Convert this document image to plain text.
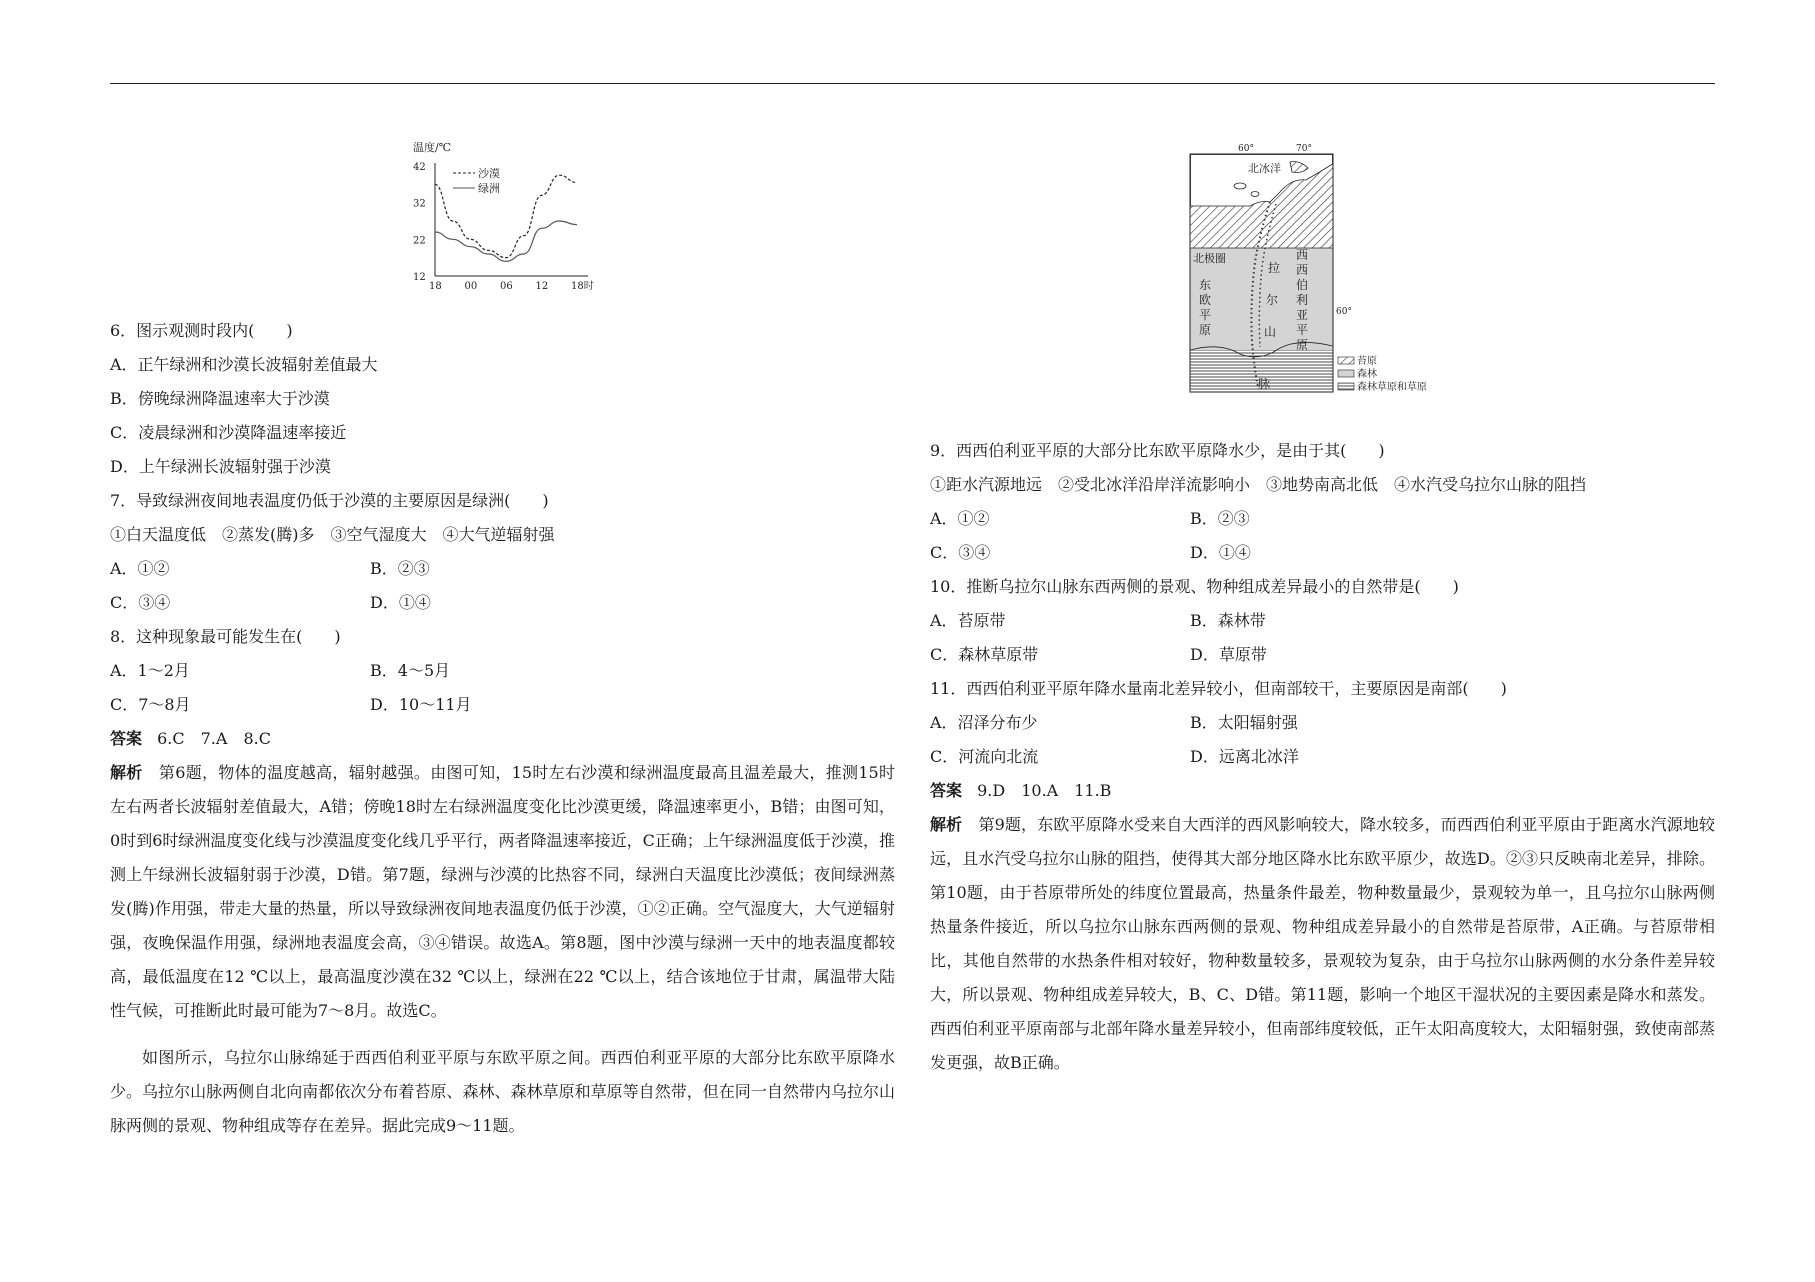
温度/℃
42
32
22
12
18 00 06 12 18时
沙漠
绿洲
60°	70°
北冰洋
北极圈
东
欧
平
原
西
西
伯
利
亚
平
原
拉
尔
山
脉
60°
苔原
森林
森林草原和草原
6．图示观测时段内(　　)
A．正午绿洲和沙漠长波辐射差值最大
B．傍晚绿洲降温速率大于沙漠
C．凌晨绿洲和沙漠降温速率接近
D．上午绿洲长波辐射强于沙漠
7．导致绿洲夜间地表温度仍低于沙漠的主要原因是绿洲(　　)
①白天温度低　②蒸发(腾)多　③空气湿度大　④大气逆辐射强
A．①②	B．②③
C．③④	D．①④
8．这种现象最可能发生在(　　)
A．1～2月	B．4～5月
C．7～8月	D．10～11月
答案 6.C　7.A　8.C
解析　 第6题，物体的温度越高，辐射越强。由图可知，15时左右沙漠和绿洲温度最高且温差最大，推测15时左右两者长波辐射差值最大，A错；傍晚18时左右绿洲温度变化比沙漠更缓，降温速率更小，B错；由图可知，0时到6时绿洲温度变化线与沙漠温度变化线几乎平行，两者降温速率接近，C正确；上午绿洲温度低于沙漠，推测上午绿洲长波辐射弱于沙漠，D错。第7题，绿洲与沙漠的比热容不同，绿洲白天温度比沙漠低；夜间绿洲蒸发(腾)作用强，带走大量的热量，所以导致绿洲夜间地表温度仍低于沙漠，①②正确。空气湿度大，大气逆辐射强，夜晚保温作用强，绿洲地表温度会高，③④错误。故选A。第8题，图中沙漠与绿洲一天中的地表温度都较高，最低温度在12 ℃以上，最高温度沙漠在32 ℃以上，绿洲在22 ℃以上，结合该地位于甘肃，属温带大陆性气候，可推断此时最可能为7～8月。故选C。
如图所示，乌拉尔山脉绵延于西西伯利亚平原与东欧平原之间。西西伯利亚平原的大部分比东欧平原降水少。乌拉尔山脉两侧自北向南都依次分布着苔原、森林、森林草原和草原等自然带，但在同一自然带内乌拉尔山脉两侧的景观、物种组成等存在差异。据此完成9～11题。
9．西西伯利亚平原的大部分比东欧平原降水少，是由于其(　　)
①距水汽源地远　②受北冰洋沿岸洋流影响小　③地势南高北低　④水汽受乌拉尔山脉的阻挡
A．①②	B．②③
C．③④	D．①④
10．推断乌拉尔山脉东西两侧的景观、物种组成差异最小的自然带是(　　)
A．苔原带	B．森林带
C．森林草原带	D．草原带
11．西西伯利亚平原年降水量南北差异较小，但南部较干，主要原因是南部(　　)
A．沼泽分布少	B．太阳辐射强
C．河流向北流	D．远离北冰洋
答案 9.D　10.A　11.B
解析　 第9题，东欧平原降水受来自大西洋的西风影响较大，降水较多，而西西伯利亚平原由于距离水汽源地较远，且水汽受乌拉尔山脉的阻挡，使得其大部分地区降水比东欧平原少，故选D。②③只反映南北差异，排除。第10题，由于苔原带所处的纬度位置最高，热量条件最差，物种数量最少，景观较为单一，且乌拉尔山脉两侧热量条件接近，所以乌拉尔山脉东西两侧的景观、物种组成差异最小的自然带是苔原带，A正确。与苔原带相比，其他自然带的水热条件相对较好，物种数量较多，景观较为复杂，由于乌拉尔山脉两侧的水分条件差异较大，所以景观、物种组成差异较大，B、C、D错。第11题，影响一个地区干湿状况的主要因素是降水和蒸发。西西伯利亚平原南部与北部年降水量差异较小，但南部纬度较低，正午太阳高度较大，太阳辐射强，致使南部蒸发更强，故B正确。
